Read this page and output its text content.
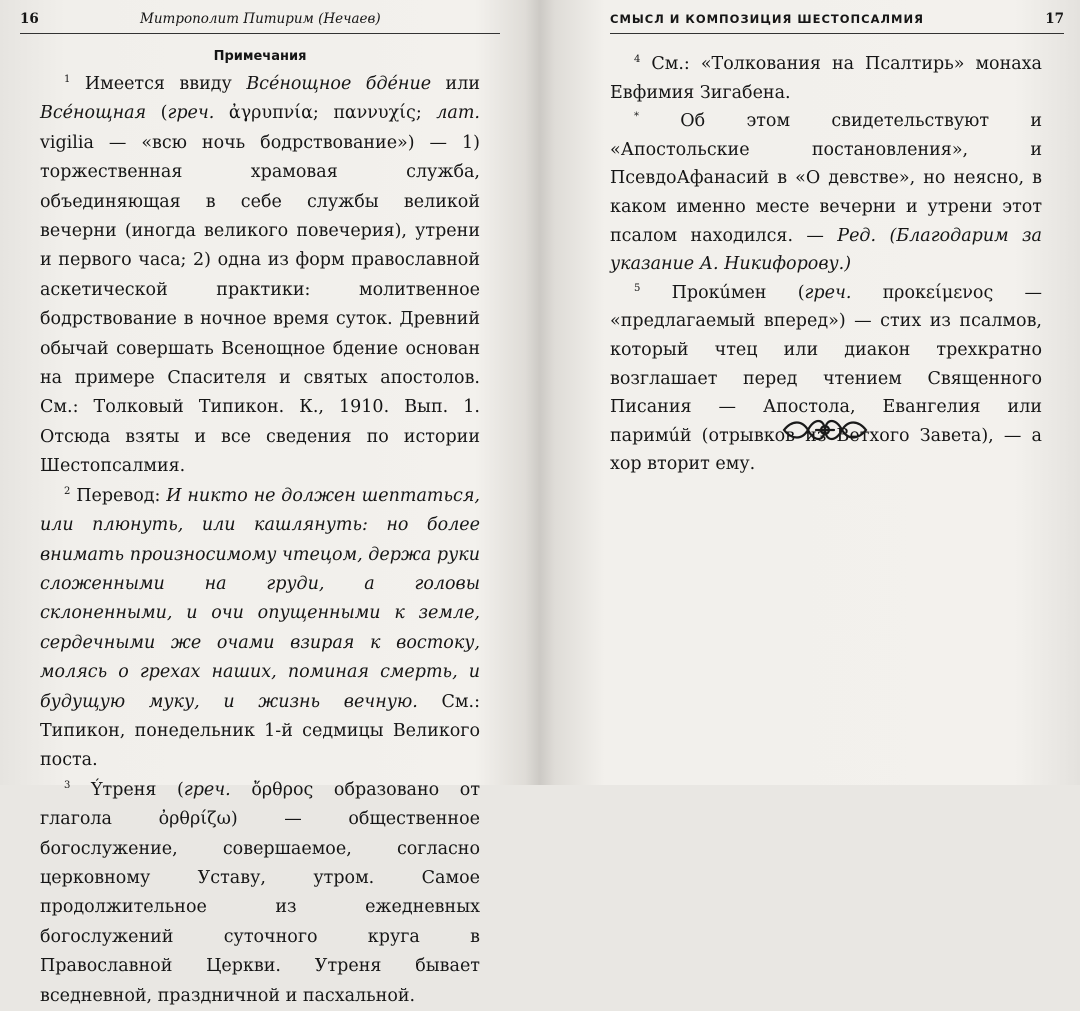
16	Митрополит Питирим (Нечаев)

Примечания

$^1$ Имеется ввиду Всéнощное бдéние или Всéнощная (греч. ἀγρυπνία; παννυχίς; лат. vigilia — «всю ночь бодрствование») — 1) торжественная храмовая служба, объединяющая в себе службы великой вечерни (иногда великого повечерия), утрени и первого часа; 2) одна из форм православной аскетической практики: молитвенное бодрствование в ночное время суток. Древний обычай совершать Всенощное бдение основан на примере Спасителя и святых апостолов. См.: Толковый Типикон. К., 1910. Вып. 1. Отсюда взяты и все сведения по истории Шестопсалмия.

$^2$ Перевод: И никто не должен шептаться, или плюнуть, или кашлянуть: но более внимать произносимому чтецом, держа руки сложенными на груди, а головы склоненными, и очи опущенными к земле, сердечными же очами взирая к востоку, молясь о грехах наших, поминая смерть, и будущую муку, и жизнь вечную. См.: Типикон, понедельник 1-й седмицы Великого поста.

$^3$ Ýтреня (греч. ὄρθρος образовано от глагола ὀρθρίζω) — общественное богослужение, совершаемое, согласно церковному Уставу, утром. Самое продолжительное из ежедневных богослужений суточного круга в Православной Церкви. Утреня бывает вседневной, праздничной и пасхальной.

СМЫСЛ И КОМПОЗИЦИЯ ШЕСТОПСАЛМИЯ	17

$^4$ См.: «Толкования на Псалтирь» монаха Евфимия Зигабена.

* Об этом свидетельствуют и «Апостольские постановления», и ПсевдоАфанасий в «О девстве», но неясно, в каком именно месте вечерни и утрени этот псалом находился. — Ред. (Благодарим за указание А. Никифорову.)

$^5$ Прокúмен (греч. προκείμενος — «предлагаемый вперед») — стих из псалмов, который чтец или диакон трехкратно возглашает перед чтением Священного Писания — Апостола, Евангелия или паримúй (отрывков из Ветхого Завета), — а хор вторит ему.
